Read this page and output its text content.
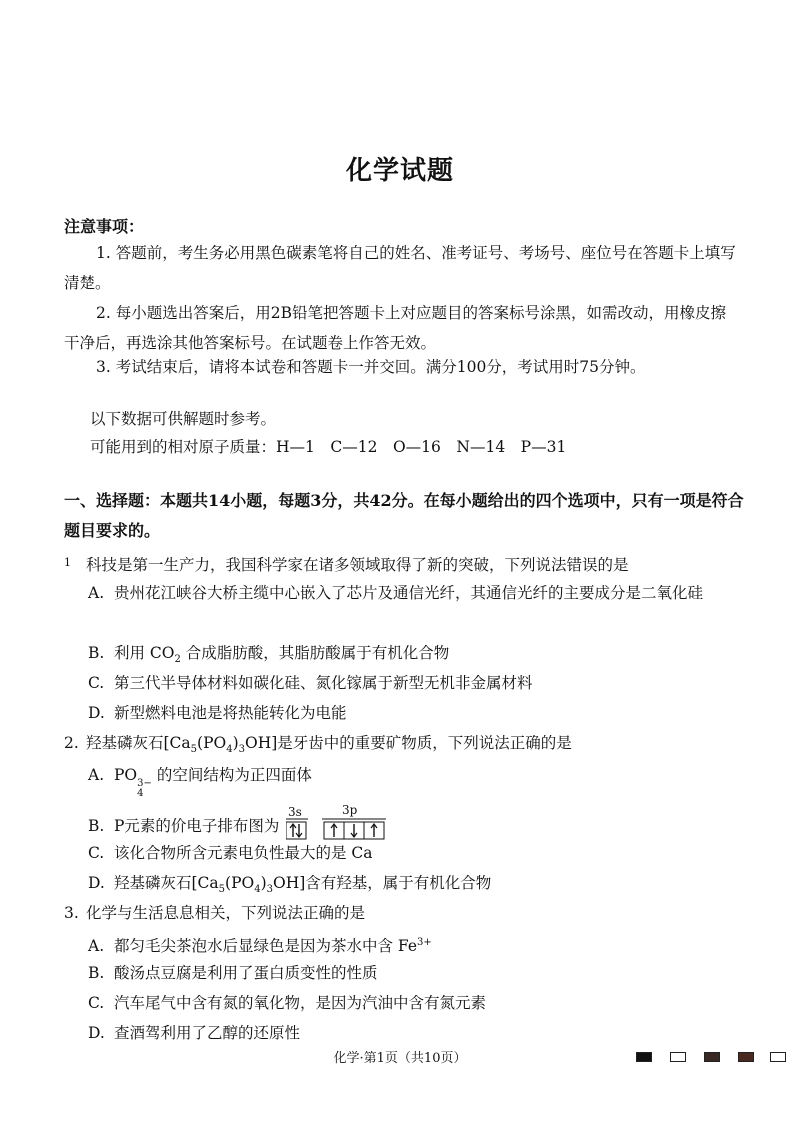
化学试题
注意事项：
1. 答题前，考生务必用黑色碳素笔将自己的姓名、准考证号、考场号、座位号在答题卡上填写清楚。
2. 每小题选出答案后，用2B铅笔把答题卡上对应题目的答案标号涂黑，如需改动，用橡皮擦干净后，再选涂其他答案标号。在试题卷上作答无效。
3. 考试结束后，请将本试卷和答题卡一并交回。满分100分，考试用时75分钟。
以下数据可供解题时参考。
可能用到的相对原子质量：H—1　C—12　O—16　N—14　P—31
一、选择题：本题共14小题，每题3分，共42分。在每小题给出的四个选项中，只有一项是符合题目要求的。
1 科技是第一生产力，我国科学家在诸多领域取得了新的突破，下列说法错误的是
A. 贵州花江峡谷大桥主缆中心嵌入了芯片及通信光纤，其通信光纤的主要成分是二氧化硅
B. 利用 $CO_2$ 合成脂肪酸，其脂肪酸属于有机化合物
C. 第三代半导体材料如碳化硅、氮化镓属于新型无机非金属材料
D. 新型燃料电池是将热能转化为电能
2. 羟基磷灰石$[Ca_5(PO_4)_3OH]$是牙齿中的重要矿物质，下列说法正确的是
A. PO 3−
4
的空间结构为正四面体
B. P元素的价电子排布图为
3s	3p
C. 该化合物所含元素电负性最大的是 Ca
D. 羟基磷灰石$[Ca_5(PO_4)_3OH]$含有羟基，属于有机化合物
3. 化学与生活息息相关，下列说法正确的是
A. 都匀毛尖茶泡水后显绿色是因为茶水中含 $Fe^{3+}$
B. 酸汤点豆腐是利用了蛋白质变性的性质
C. 汽车尾气中含有氮的氧化物，是因为汽油中含有氮元素
D. 查酒驾利用了乙醇的还原性
化学·第1页（共10页）
